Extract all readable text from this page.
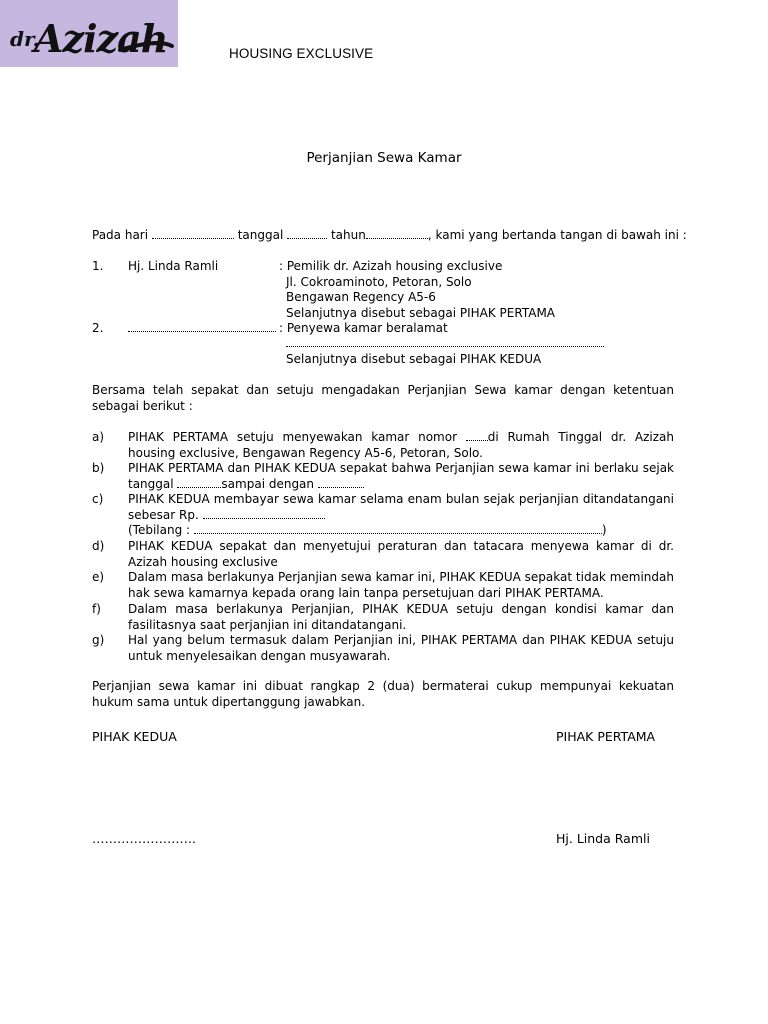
dr.
Azizah	HOUSING EXCLUSIVE
Perjanjian Sewa Kamar
Pada hari	tanggal	tahun	, kami yang bertanda tangan di bawah ini :
1. Hj. Linda Ramli	: Pemilik dr. Azizah housing exclusive
Jl. Cokroaminoto, Petoran, Solo
Bengawan Regency A5-6
Selanjutnya disebut sebagai PIHAK PERTAMA
2.	: Penyewa kamar beralamat
Selanjutnya disebut sebagai PIHAK KEDUA
Bersama telah sepakat dan setuju mengadakan Perjanjian Sewa kamar dengan ketentuan sebagai berikut :
a) PIHAK PERTAMA setuju menyewakan kamar nomor	di Rumah Tinggal dr. Azizah housing exclusive, Bengawan Regency A5-6, Petoran, Solo.
b) PIHAK PERTAMA dan PIHAK KEDUA sepakat bahwa Perjanjian sewa kamar ini berlaku sejak tanggal	sampai dengan
c) PIHAK KEDUA membayar sewa kamar selama enam bulan sejak perjanjian ditandatangani sebesar Rp.
(Tebilang :	)
d) PIHAK KEDUA sepakat dan menyetujui peraturan dan tatacara menyewa kamar di dr. Azizah housing exclusive
e) Dalam masa berlakunya Perjanjian sewa kamar ini, PIHAK KEDUA sepakat tidak memindah hak sewa kamarnya kepada orang lain tanpa persetujuan dari PIHAK PERTAMA.
f) Dalam masa berlakunya Perjanjian, PIHAK KEDUA setuju dengan kondisi kamar dan fasilitasnya saat perjanjian ini ditandatangani.
g) Hal yang belum termasuk dalam Perjanjian ini, PIHAK PERTAMA dan PIHAK KEDUA setuju untuk menyelesaikan dengan musyawarah.
Perjanjian sewa kamar ini dibuat rangkap 2 (dua) bermaterai cukup mempunyai kekuatan hukum sama untuk dipertanggung jawabkan.
PIHAK KEDUA	PIHAK PERTAMA
…………………….	Hj. Linda Ramli
